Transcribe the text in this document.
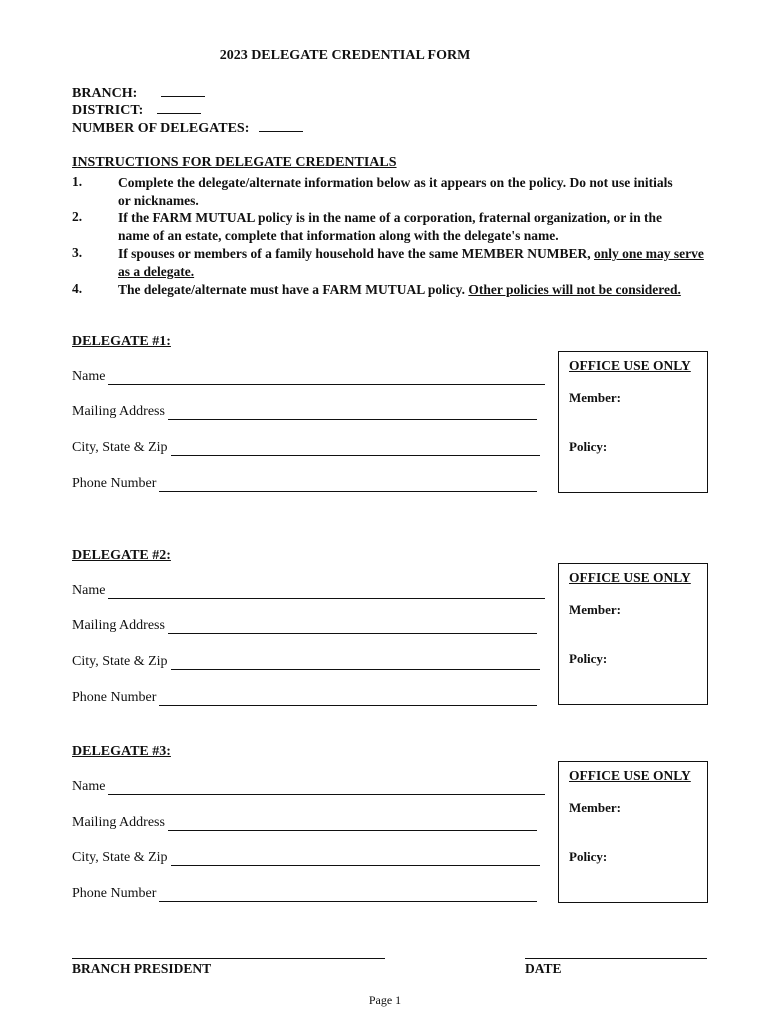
2023 DELEGATE CREDENTIAL FORM
BRANCH:
DISTRICT:
NUMBER OF DELEGATES:
INSTRUCTIONS FOR DELEGATE CREDENTIALS
1.	Complete the delegate/alternate information below as it appears on the policy. Do not use initials or nicknames.
2.	If the FARM MUTUAL policy is in the name of a corporation, fraternal organization, or in the name of an estate, complete that information along with the delegate's name.
3.	If spouses or members of a family household have the same MEMBER NUMBER, only one may serve as a delegate.
4.	The delegate/alternate must have a FARM MUTUAL policy. Other policies will not be considered.
DELEGATE #1:
Name
Mailing Address
City, State & Zip
Phone Number
OFFICE USE ONLY
Member:
Policy:
DELEGATE #2:
Name
Mailing Address
City, State & Zip
Phone Number
OFFICE USE ONLY
Member:
Policy:
DELEGATE #3:
Name
Mailing Address
City, State & Zip
Phone Number
OFFICE USE ONLY
Member:
Policy:
BRANCH PRESIDENT	DATE
Page 1
